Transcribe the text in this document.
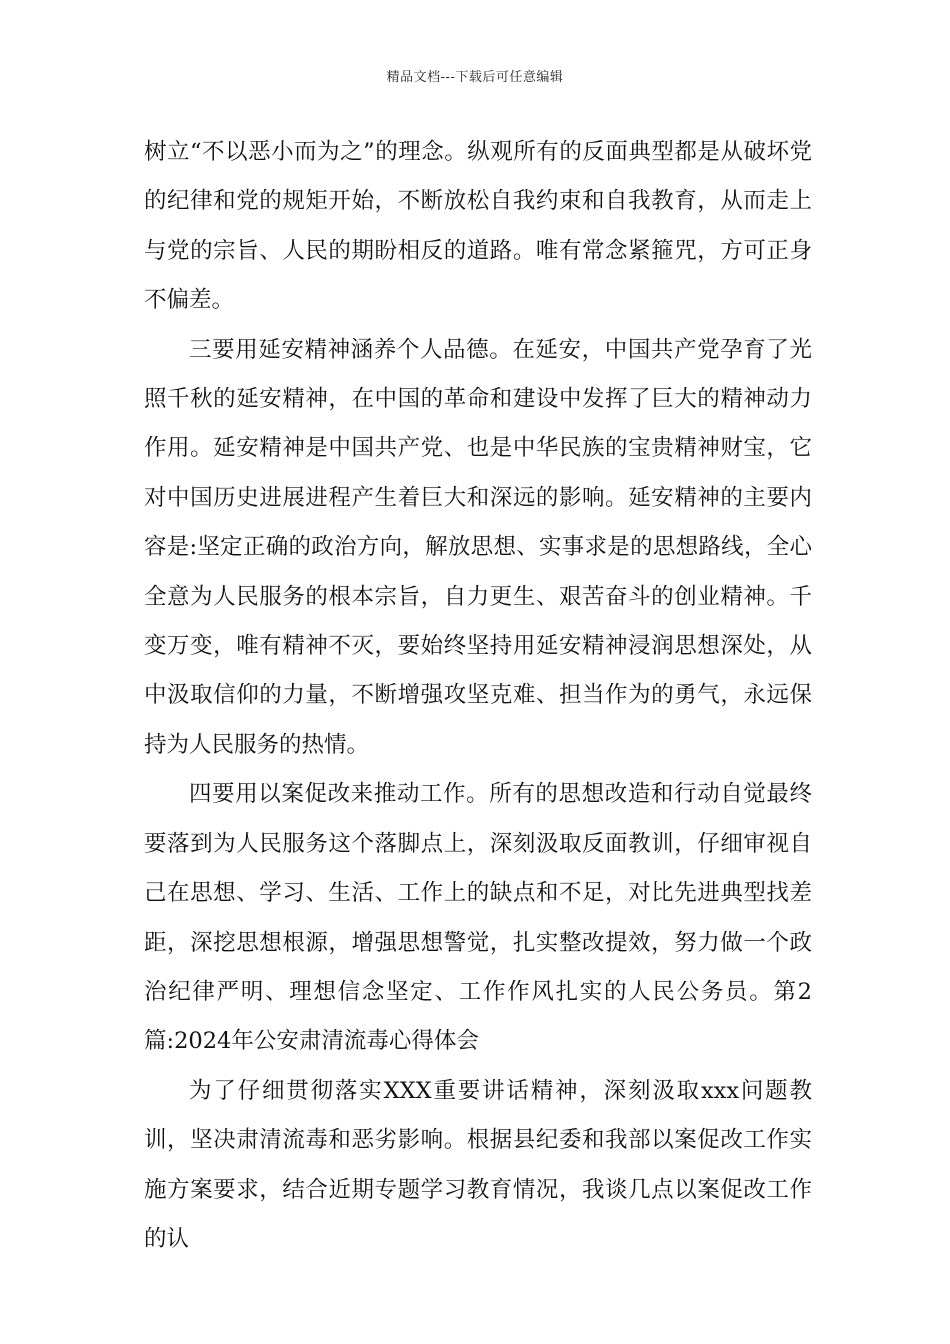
精品文档---下载后可任意编辑

树立“不以恶小而为之”的理念。纵观所有的反面典型都是从破坏党的纪律和党的规矩开始，不断放松自我约束和自我教育，从而走上与党的宗旨、人民的期盼相反的道路。唯有常念紧箍咒，方可正身不偏差。

三要用延安精神涵养个人品德。在延安，中国共产党孕育了光照千秋的延安精神，在中国的革命和建设中发挥了巨大的精神动力作用。延安精神是中国共产党、也是中华民族的宝贵精神财宝，它对中国历史进展进程产生着巨大和深远的影响。延安精神的主要内容是:坚定正确的政治方向，解放思想、实事求是的思想路线，全心全意为人民服务的根本宗旨，自力更生、艰苦奋斗的创业精神。千变万变，唯有精神不灭，要始终坚持用延安精神浸润思想深处，从中汲取信仰的力量，不断增强攻坚克难、担当作为的勇气，永远保持为人民服务的热情。

四要用以案促改来推动工作。所有的思想改造和行动自觉最终要落到为人民服务这个落脚点上，深刻汲取反面教训，仔细审视自己在思想、学习、生活、工作上的缺点和不足，对比先进典型找差距，深挖思想根源，增强思想警觉，扎实整改提效，努力做一个政治纪律严明、理想信念坚定、工作作风扎实的人民公务员。第2篇:2024年公安肃清流毒心得体会

为了仔细贯彻落实XXX重要讲话精神，深刻汲取xxx问题教训，坚决肃清流毒和恶劣影响。根据县纪委和我部以案促改工作实施方案要求，结合近期专题学习教育情况，我谈几点以案促改工作的认
